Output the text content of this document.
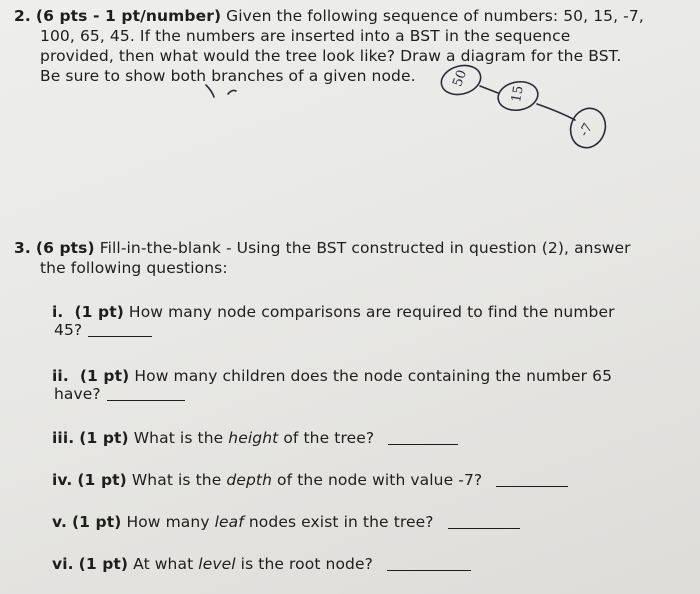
2. (6 pts - 1 pt/number) Given the following sequence of numbers: 50, 15, -7,
100, 65, 45. If the numbers are inserted into a BST in the sequence
provided, then what would the tree look like? Draw a diagram for the BST.
Be sure to show both branches of a given node.	50
15
-7
3. (6 pts) Fill-in-the-blank - Using the BST constructed in question (2), answer
the following questions:
i. (1 pt) How many node comparisons are required to find the number
45?
ii. (1 pt) How many children does the node containing the number 65
have?
iii. (1 pt) What is the height of the tree?
iv. (1 pt) What is the depth of the node with value -7?
v. (1 pt) How many leaf nodes exist in the tree?
vi. (1 pt) At what level is the root node?
